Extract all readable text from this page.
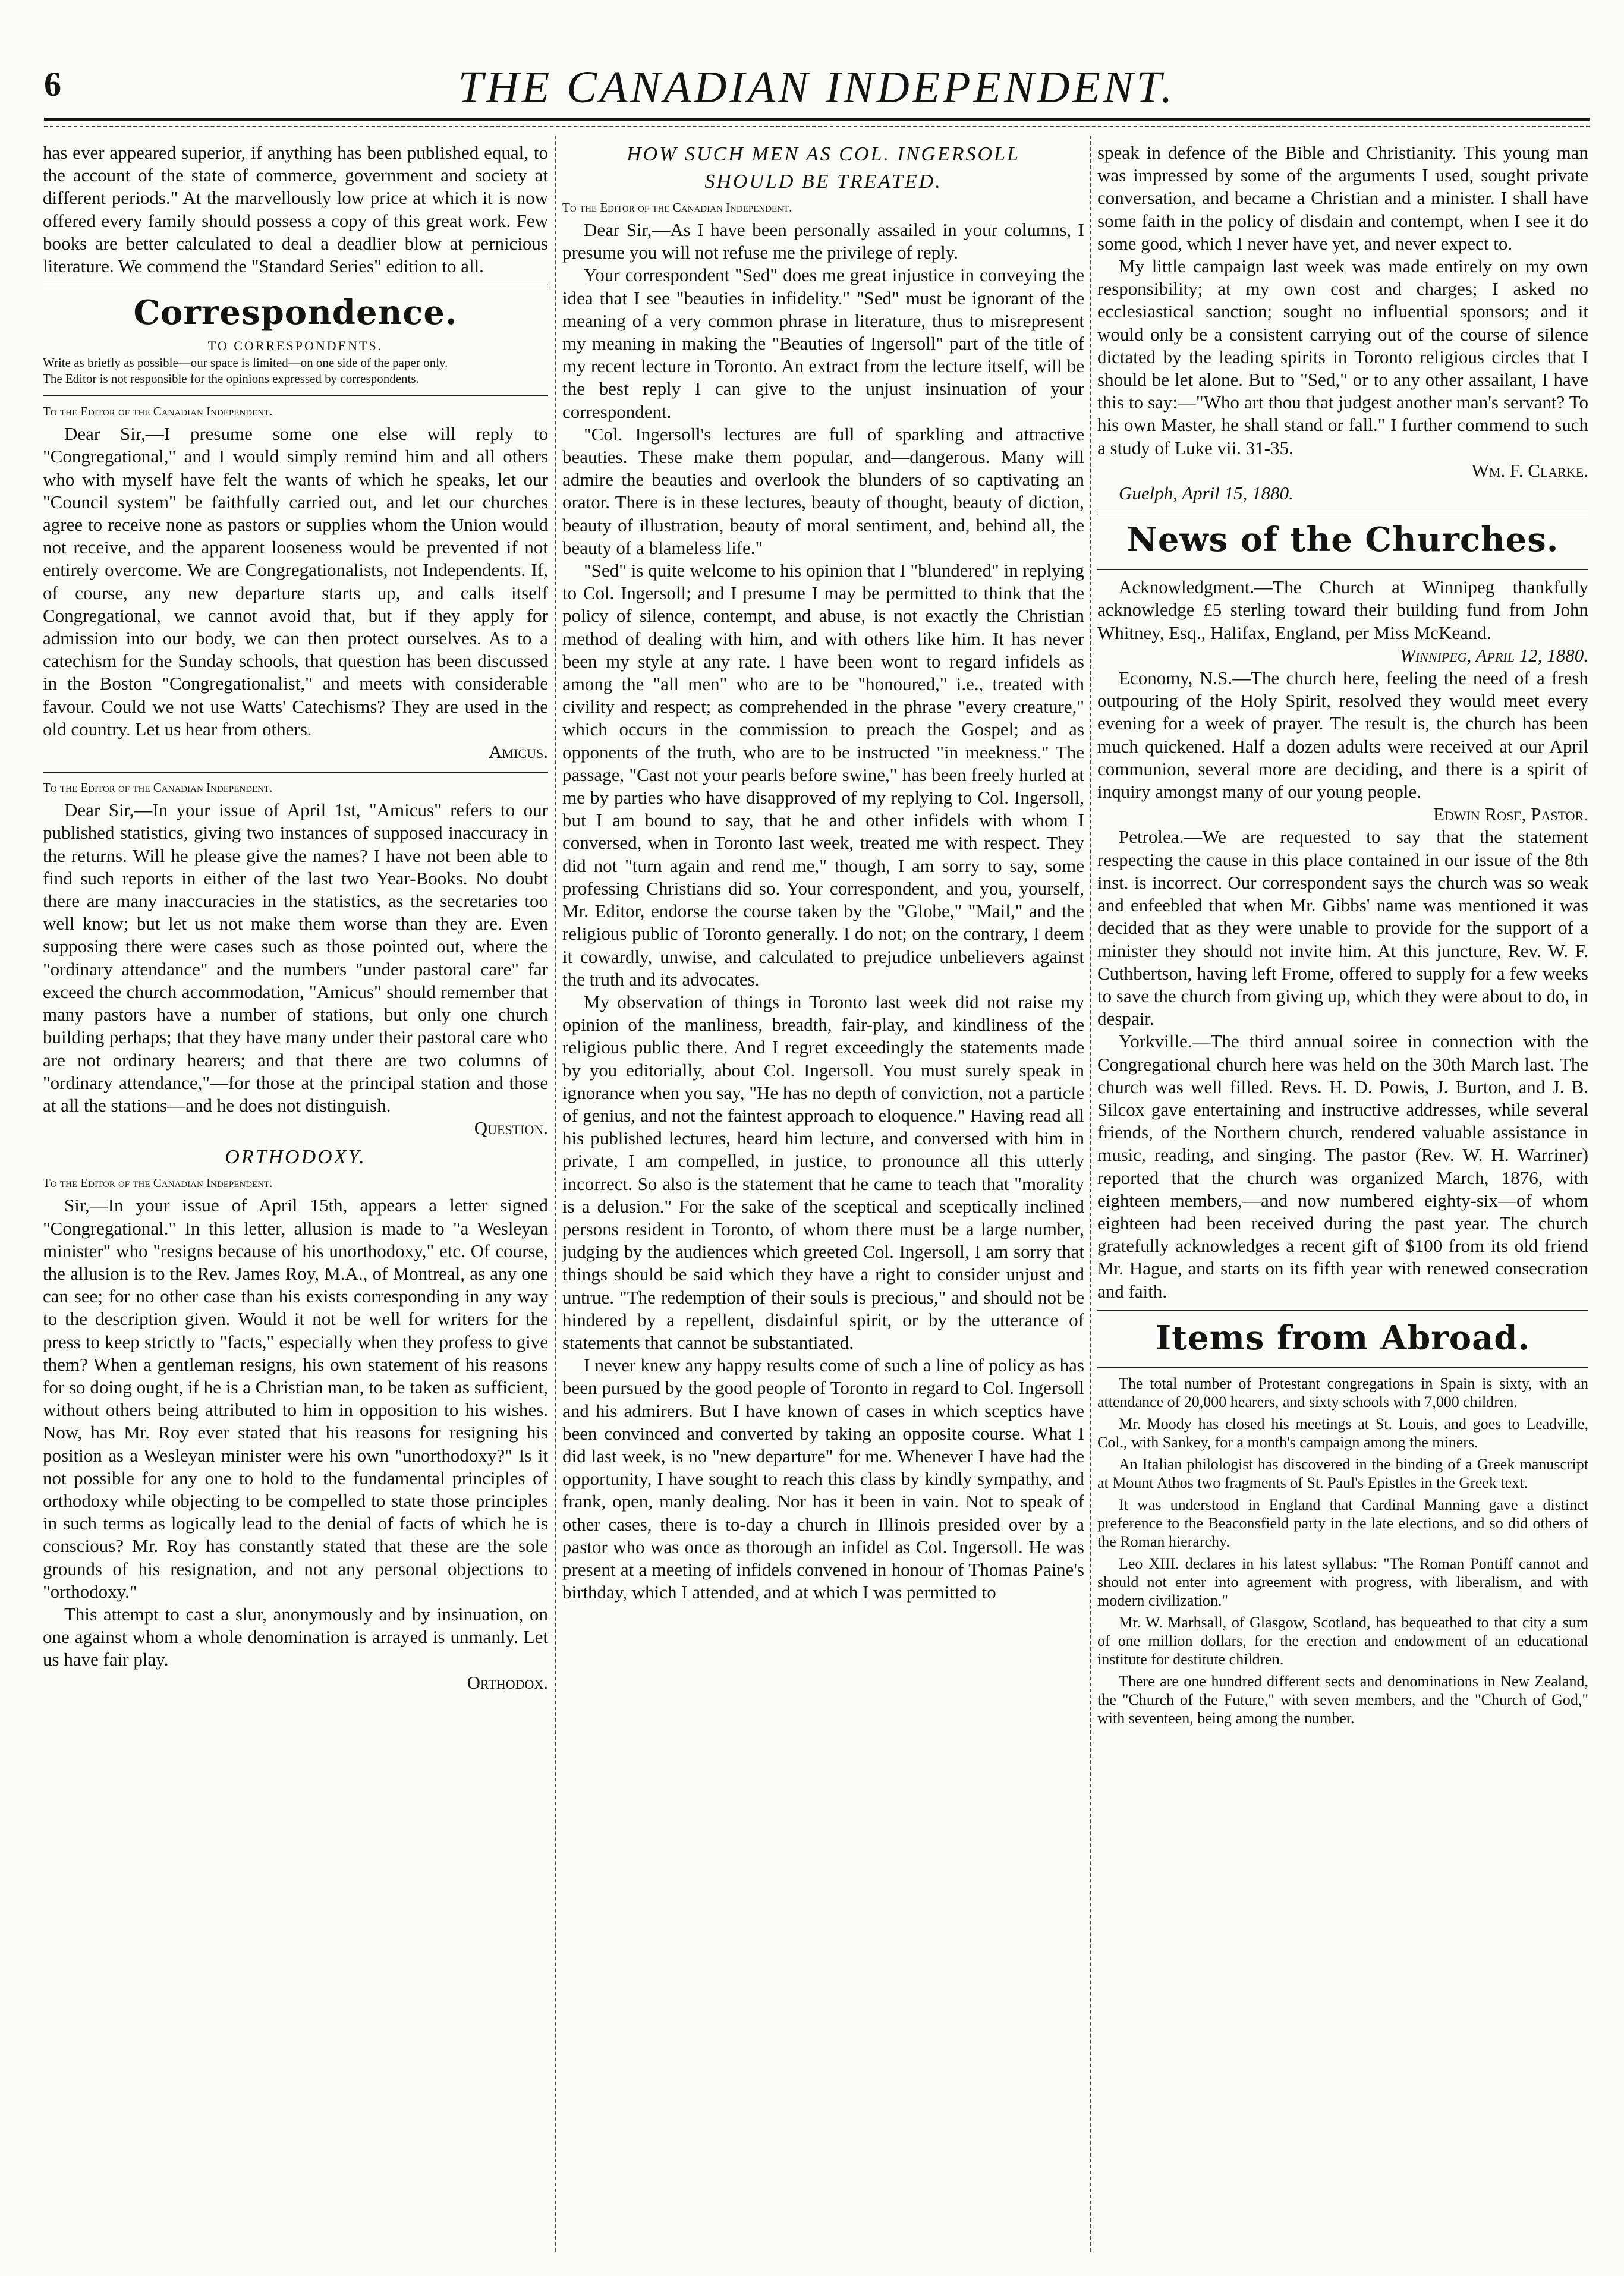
6	THE CANADIAN INDEPENDENT.

has ever appeared superior, if anything has been published equal, to the account of the state of commerce, government and society at different periods." At the marvellously low price at which it is now offered every family should possess a copy of this great work. Few books are better calculated to deal a deadlier blow at pernicious literature. We commend the "Standard Series" edition to all.

Correspondence.
TO CORRESPONDENTS.

Write as briefly as possible—our space is limited—on one side of the paper only.

The Editor is not responsible for the opinions expressed by correspondents.

To the Editor of the Canadian Independent.

Dear Sir,—I presume some one else will reply to "Congregational," and I would simply remind him and all others who with myself have felt the wants of which he speaks, let our "Council system" be faithfully carried out, and let our churches agree to receive none as pastors or supplies whom the Union would not receive, and the apparent looseness would be prevented if not entirely overcome. We are Congregationalists, not Independents. If, of course, any new departure starts up, and calls itself Congregational, we cannot avoid that, but if they apply for admission into our body, we can then protect ourselves. As to a catechism for the Sunday schools, that question has been discussed in the Boston "Congregationalist," and meets with considerable favour. Could we not use Watts' Catechisms? They are used in the old country. Let us hear from others.

Amicus.

To the Editor of the Canadian Independent.

Dear Sir,—In your issue of April 1st, "Amicus" refers to our published statistics, giving two instances of supposed inaccuracy in the returns. Will he please give the names? I have not been able to find such reports in either of the last two Year-Books. No doubt there are many inaccuracies in the statistics, as the secretaries too well know; but let us not make them worse than they are. Even supposing there were cases such as those pointed out, where the "ordinary attendance" and the numbers "under pastoral care" far exceed the church accommodation, "Amicus" should remember that many pastors have a number of stations, but only one church building perhaps; that they have many under their pastoral care who are not ordinary hearers; and that there are two columns of "ordinary attendance,"—for those at the principal station and those at all the stations—and he does not distinguish.

Question.

ORTHODOXY.

To the Editor of the Canadian Independent.

Sir,—In your issue of April 15th, appears a letter signed "Congregational." In this letter, allusion is made to "a Wesleyan minister" who "resigns because of his unorthodoxy," etc. Of course, the allusion is to the Rev. James Roy, M.A., of Montreal, as any one can see; for no other case than his exists corresponding in any way to the description given. Would it not be well for writers for the press to keep strictly to "facts," especially when they profess to give them? When a gentleman resigns, his own statement of his reasons for so doing ought, if he is a Christian man, to be taken as sufficient, without others being attributed to him in opposition to his wishes. Now, has Mr. Roy ever stated that his reasons for resigning his position as a Wesleyan minister were his own "unorthodoxy?" Is it not possible for any one to hold to the fundamental principles of orthodoxy while objecting to be compelled to state those principles in such terms as logically lead to the denial of facts of which he is conscious? Mr. Roy has constantly stated that these are the sole grounds of his resignation, and not any personal objections to "orthodoxy."

This attempt to cast a slur, anonymously and by insinuation, on one against whom a whole denomination is arrayed is unmanly. Let us have fair play.

Orthodox.

HOW SUCH MEN AS COL. INGERSOLL
SHOULD BE TREATED.

To the Editor of the Canadian Independent.

Dear Sir,—As I have been personally assailed in your columns, I presume you will not refuse me the privilege of reply.

Your correspondent "Sed" does me great injustice in conveying the idea that I see "beauties in infidelity." "Sed" must be ignorant of the meaning of a very common phrase in literature, thus to misrepresent my meaning in making the "Beauties of Ingersoll" part of the title of my recent lecture in Toronto. An extract from the lecture itself, will be the best reply I can give to the unjust insinuation of your correspondent.

"Col. Ingersoll's lectures are full of sparkling and attractive beauties. These make them popular, and—dangerous. Many will admire the beauties and overlook the blunders of so captivating an orator. There is in these lectures, beauty of thought, beauty of diction, beauty of illustration, beauty of moral sentiment, and, behind all, the beauty of a blameless life."

"Sed" is quite welcome to his opinion that I "blundered" in replying to Col. Ingersoll; and I presume I may be permitted to think that the policy of silence, contempt, and abuse, is not exactly the Christian method of dealing with him, and with others like him. It has never been my style at any rate. I have been wont to regard infidels as among the "all men" who are to be "honoured," i.e., treated with civility and respect; as comprehended in the phrase "every creature," which occurs in the commission to preach the Gospel; and as opponents of the truth, who are to be instructed "in meekness." The passage, "Cast not your pearls before swine," has been freely hurled at me by parties who have disapproved of my replying to Col. Ingersoll, but I am bound to say, that he and other infidels with whom I conversed, when in Toronto last week, treated me with respect. They did not "turn again and rend me," though, I am sorry to say, some professing Christians did so. Your correspondent, and you, yourself, Mr. Editor, endorse the course taken by the "Globe," "Mail," and the religious public of Toronto generally. I do not; on the contrary, I deem it cowardly, unwise, and calculated to prejudice unbelievers against the truth and its advocates.

My observation of things in Toronto last week did not raise my opinion of the manliness, breadth, fair-play, and kindliness of the religious public there. And I regret exceedingly the statements made by you editorially, about Col. Ingersoll. You must surely speak in ignorance when you say, "He has no depth of conviction, not a particle of genius, and not the faintest approach to eloquence." Having read all his published lectures, heard him lecture, and conversed with him in private, I am compelled, in justice, to pronounce all this utterly incorrect. So also is the statement that he came to teach that "morality is a delusion." For the sake of the sceptical and sceptically inclined persons resident in Toronto, of whom there must be a large number, judging by the audiences which greeted Col. Ingersoll, I am sorry that things should be said which they have a right to consider unjust and untrue. "The redemption of their souls is precious," and should not be hindered by a repellent, disdainful spirit, or by the utterance of statements that cannot be substantiated.

I never knew any happy results come of such a line of policy as has been pursued by the good people of Toronto in regard to Col. Ingersoll and his admirers. But I have known of cases in which sceptics have been convinced and converted by taking an opposite course. What I did last week, is no "new departure" for me. Whenever I have had the opportunity, I have sought to reach this class by kindly sympathy, and frank, open, manly dealing. Nor has it been in vain. Not to speak of other cases, there is to-day a church in Illinois presided over by a pastor who was once as thorough an infidel as Col. Ingersoll. He was present at a meeting of infidels convened in honour of Thomas Paine's birthday, which I attended, and at which I was permitted to

speak in defence of the Bible and Christianity. This young man was impressed by some of the arguments I used, sought private conversation, and became a Christian and a minister. I shall have some faith in the policy of disdain and contempt, when I see it do some good, which I never have yet, and never expect to.

My little campaign last week was made entirely on my own responsibility; at my own cost and charges; I asked no ecclesiastical sanction; sought no influential sponsors; and it would only be a consistent carrying out of the course of silence dictated by the leading spirits in Toronto religious circles that I should be let alone. But to "Sed," or to any other assailant, I have this to say:—"Who art thou that judgest another man's servant? To his own Master, he shall stand or fall." I further commend to such a study of Luke vii. 31-35.

Wm. F. Clarke.

Guelph, April 15, 1880.

News of the Churches.

Acknowledgment.—The Church at Winnipeg thankfully acknowledge £5 sterling toward their building fund from John Whitney, Esq., Halifax, England, per Miss McKeand.

Winnipeg, April 12, 1880.

Economy, N.S.—The church here, feeling the need of a fresh outpouring of the Holy Spirit, resolved they would meet every evening for a week of prayer. The result is, the church has been much quickened. Half a dozen adults were received at our April communion, several more are deciding, and there is a spirit of inquiry amongst many of our young people.

Edwin Rose, Pastor.

Petrolea.—We are requested to say that the statement respecting the cause in this place contained in our issue of the 8th inst. is incorrect. Our correspondent says the church was so weak and enfeebled that when Mr. Gibbs' name was mentioned it was decided that as they were unable to provide for the support of a minister they should not invite him. At this juncture, Rev. W. F. Cuthbertson, having left Frome, offered to supply for a few weeks to save the church from giving up, which they were about to do, in despair.

Yorkville.—The third annual soiree in connection with the Congregational church here was held on the 30th March last. The church was well filled. Revs. H. D. Powis, J. Burton, and J. B. Silcox gave entertaining and instructive addresses, while several friends, of the Northern church, rendered valuable assistance in music, reading, and singing. The pastor (Rev. W. H. Warriner) reported that the church was organized March, 1876, with eighteen members,—and now numbered eighty-six—of whom eighteen had been received during the past year. The church gratefully acknowledges a recent gift of $100 from its old friend Mr. Hague, and starts on its fifth year with renewed consecration and faith.

Items from Abroad.

The total number of Protestant congregations in Spain is sixty, with an attendance of 20,000 hearers, and sixty schools with 7,000 children.

Mr. Moody has closed his meetings at St. Louis, and goes to Leadville, Col., with Sankey, for a month's campaign among the miners.

An Italian philologist has discovered in the binding of a Greek manuscript at Mount Athos two fragments of St. Paul's Epistles in the Greek text.

It was understood in England that Cardinal Manning gave a distinct preference to the Beaconsfield party in the late elections, and so did others of the Roman hierarchy.

Leo XIII. declares in his latest syllabus: "The Roman Pontiff cannot and should not enter into agreement with progress, with liberalism, and with modern civilization."

Mr. W. Marhsall, of Glasgow, Scotland, has bequeathed to that city a sum of one million dollars, for the erection and endowment of an educational institute for destitute children.

There are one hundred different sects and denominations in New Zealand, the "Church of the Future," with seven members, and the "Church of God," with seventeen, being among the number.
